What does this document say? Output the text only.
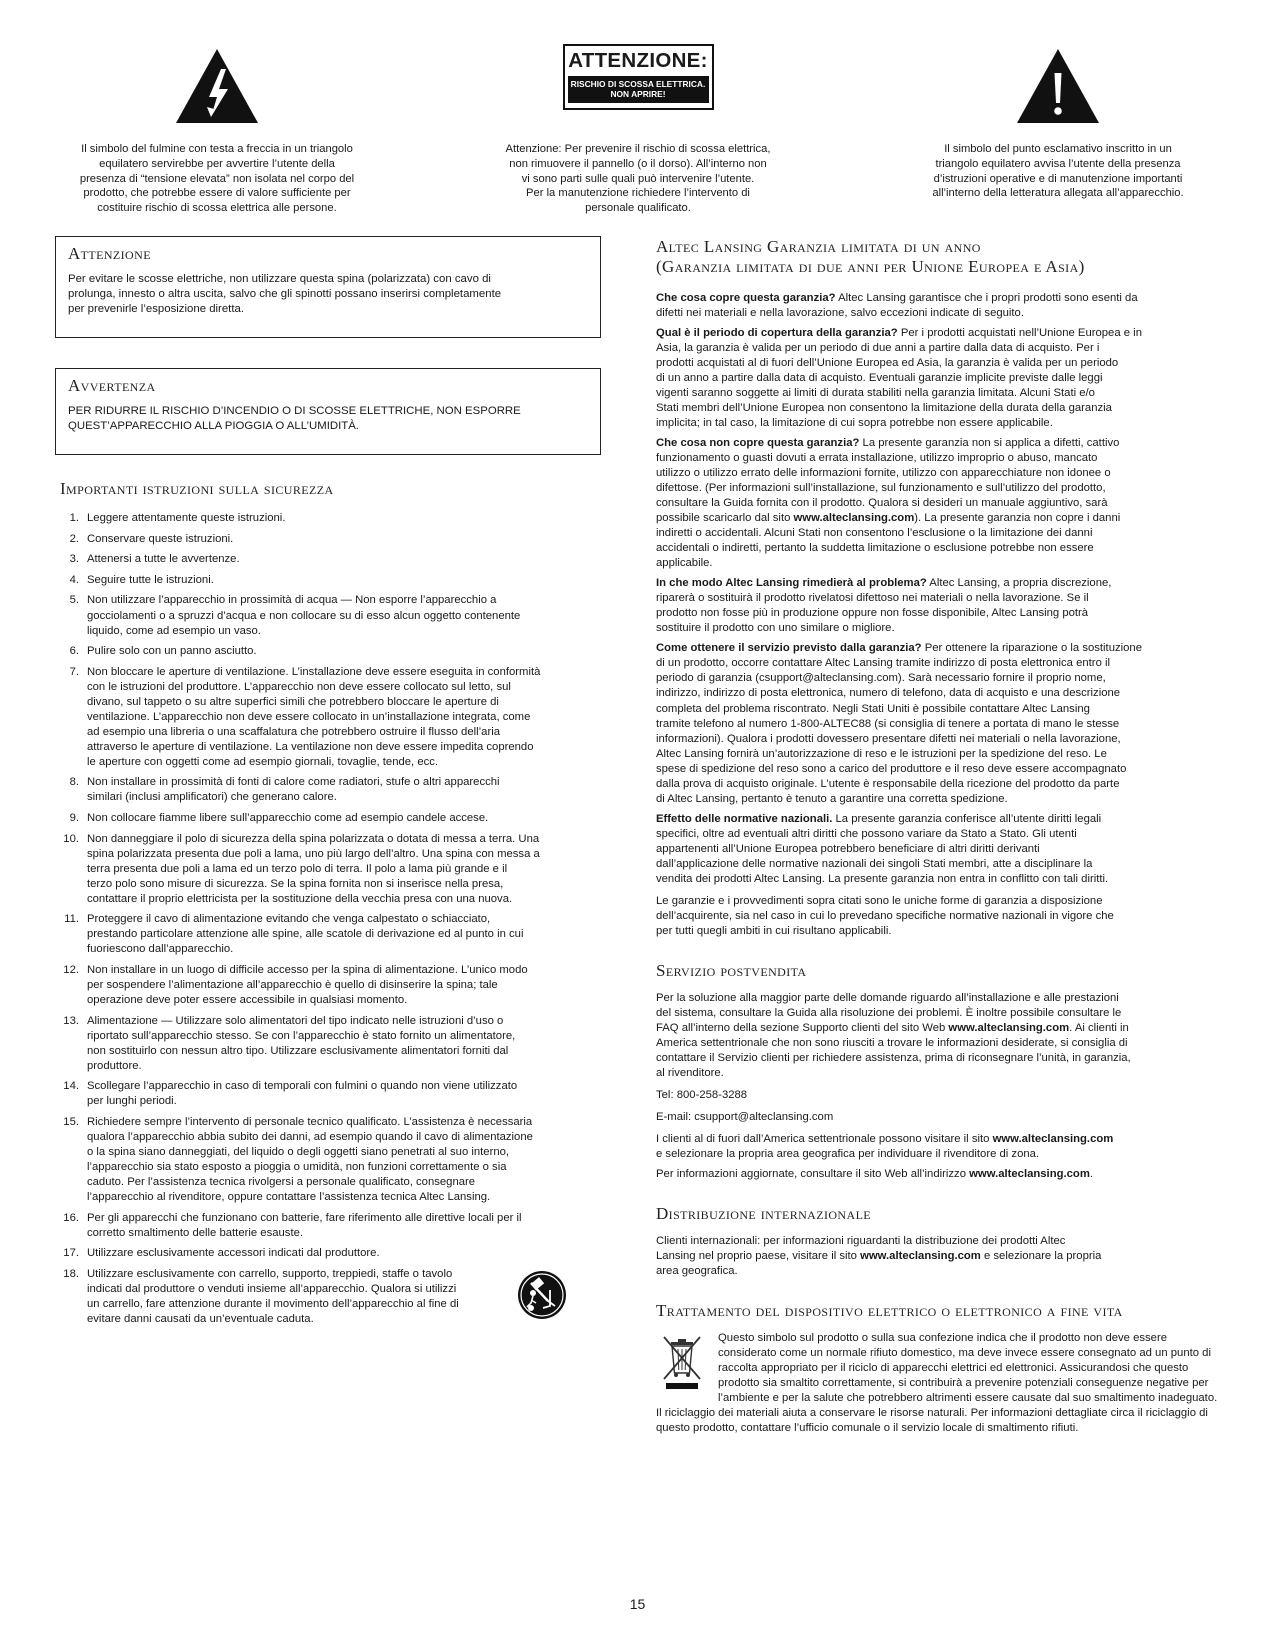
Il simbolo del fulmine con testa a freccia in un triangolo
equilatero servirebbe per avvertire l’utente della
presenza di “tensione elevata” non isolata nel corpo del
prodotto, che potrebbe essere di valore sufficiente per
costituire rischio di scossa elettrica alle persone.
ATTENZIONE:
RISCHIO DI SCOSSA ELETTRICA.
NON APRIRE!
Attenzione: Per prevenire il rischio di scossa elettrica,
non rimuovere il pannello (o il dorso). All’interno non
vi sono parti sulle quali può intervenire l’utente.
Per la manutenzione richiedere l’intervento di
personale qualificato.
Il simbolo del punto esclamativo inscritto in un
triangolo equilatero avvisa l’utente della presenza
d’istruzioni operative e di manutenzione importanti
all’interno della letteratura allegata all’apparecchio.
Attenzione

Per evitare le scosse elettriche, non utilizzare questa spina (polarizzata) con cavo di
prolunga, innesto o altra uscita, salvo che gli spinotti possano inserirsi completamente
per prevenirle l’esposizione diretta.

Avvertenza

PER RIDURRE IL RISCHIO D’INCENDIO O DI SCOSSE ELETTRICHE, NON ESPORRE
QUEST’APPARECCHIO ALLA PIOGGIA O ALL’UMIDITÀ.

Importanti istruzioni sulla sicurezza
1. Leggere attentamente queste istruzioni.
2. Conservare queste istruzioni.
3. Attenersi a tutte le avvertenze.
4. Seguire tutte le istruzioni.
5. Non utilizzare l’apparecchio in prossimità di acqua — Non esporre l’apparecchio a
gocciolamenti o a spruzzi d’acqua e non collocare su di esso alcun oggetto contenente
liquido, come ad esempio un vaso.
6. Pulire solo con un panno asciutto.
7. Non bloccare le aperture di ventilazione. L’installazione deve essere eseguita in conformità
con le istruzioni del produttore. L’apparecchio non deve essere collocato sul letto, sul
divano, sul tappeto o su altre superfici simili che potrebbero bloccare le aperture di
ventilazione. L’apparecchio non deve essere collocato in un’installazione integrata, come
ad esempio una libreria o una scaffalatura che potrebbero ostruire il flusso dell’aria
attraverso le aperture di ventilazione. La ventilazione non deve essere impedita coprendo
le aperture con oggetti come ad esempio giornali, tovaglie, tende, ecc.
8. Non installare in prossimità di fonti di calore come radiatori, stufe o altri apparecchi
similari (inclusi amplificatori) che generano calore.
9. Non collocare fiamme libere sull’apparecchio come ad esempio candele accese.
10. Non danneggiare il polo di sicurezza della spina polarizzata o dotata di messa a terra. Una
spina polarizzata presenta due poli a lama, uno più largo dell’altro. Una spina con messa a
terra presenta due poli a lama ed un terzo polo di terra. Il polo a lama più grande e il
terzo polo sono misure di sicurezza. Se la spina fornita non si inserisce nella presa,
contattare il proprio elettricista per la sostituzione della vecchia presa con una nuova.
11. Proteggere il cavo di alimentazione evitando che venga calpestato o schiacciato,
prestando particolare attenzione alle spine, alle scatole di derivazione ed al punto in cui
fuoriescono dall’apparecchio.
12. Non installare in un luogo di difficile accesso per la spina di alimentazione. L’unico modo
per sospendere l’alimentazione all’apparecchio è quello di disinserire la spina; tale
operazione deve poter essere accessibile in qualsiasi momento.
13. Alimentazione — Utilizzare solo alimentatori del tipo indicato nelle istruzioni d’uso o
riportato sull’apparecchio stesso. Se con l’apparecchio è stato fornito un alimentatore,
non sostituirlo con nessun altro tipo. Utilizzare esclusivamente alimentatori forniti dal
produttore.
14. Scollegare l’apparecchio in caso di temporali con fulmini o quando non viene utilizzato
per lunghi periodi.
15. Richiedere sempre l’intervento di personale tecnico qualificato. L’assistenza è necessaria
qualora l’apparecchio abbia subito dei danni, ad esempio quando il cavo di alimentazione
o la spina siano danneggiati, del liquido o degli oggetti siano penetrati al suo interno,
l’apparecchio sia stato esposto a pioggia o umidità, non funzioni correttamente o sia
caduto. Per l’assistenza tecnica rivolgersi a personale qualificato, consegnare
l’apparecchio al rivenditore, oppure contattare l’assistenza tecnica Altec Lansing.
16. Per gli apparecchi che funzionano con batterie, fare riferimento alle direttive locali per il
corretto smaltimento delle batterie esauste.
17. Utilizzare esclusivamente accessori indicati dal produttore.
18. Utilizzare esclusivamente con carrello, supporto, treppiedi, staffe o tavolo
indicati dal produttore o venduti insieme all’apparecchio. Qualora si utilizzi
un carrello, fare attenzione durante il movimento dell’apparecchio al fine di
evitare danni causati da un’eventuale caduta.
Altec Lansing Garanzia limitata di un anno
(Garanzia limitata di due anni per Unione Europea e Asia)

Che cosa copre questa garanzia? Altec Lansing garantisce che i propri prodotti sono esenti da
difetti nei materiali e nella lavorazione, salvo eccezioni indicate di seguito.

Qual è il periodo di copertura della garanzia? Per i prodotti acquistati nell’Unione Europea e in
Asia, la garanzia è valida per un periodo di due anni a partire dalla data di acquisto. Per i
prodotti acquistati al di fuori dell’Unione Europea ed Asia, la garanzia è valida per un periodo
di un anno a partire dalla data di acquisto. Eventuali garanzie implicite previste dalle leggi
vigenti saranno soggette ai limiti di durata stabiliti nella garanzia limitata. Alcuni Stati e/o
Stati membri dell’Unione Europea non consentono la limitazione della durata della garanzia
implicita; in tal caso, la limitazione di cui sopra potrebbe non essere applicabile.

Che cosa non copre questa garanzia? La presente garanzia non si applica a difetti, cattivo
funzionamento o guasti dovuti a errata installazione, utilizzo improprio o abuso, mancato
utilizzo o utilizzo errato delle informazioni fornite, utilizzo con apparecchiature non idonee o
difettose. (Per informazioni sull’installazione, sul funzionamento e sull’utilizzo del prodotto,
consultare la Guida fornita con il prodotto. Qualora si desideri un manuale aggiuntivo, sarà
possibile scaricarlo dal sito www.alteclansing.com). La presente garanzia non copre i danni
indiretti o accidentali. Alcuni Stati non consentono l’esclusione o la limitazione dei danni
accidentali o indiretti, pertanto la suddetta limitazione o esclusione potrebbe non essere
applicabile.

In che modo Altec Lansing rimedierà al problema? Altec Lansing, a propria discrezione,
riparerà o sostituirà il prodotto rivelatosi difettoso nei materiali o nella lavorazione. Se il
prodotto non fosse più in produzione oppure non fosse disponibile, Altec Lansing potrà
sostituire il prodotto con uno similare o migliore.

Come ottenere il servizio previsto dalla garanzia? Per ottenere la riparazione o la sostituzione
di un prodotto, occorre contattare Altec Lansing tramite indirizzo di posta elettronica entro il
periodo di garanzia (csupport@alteclansing.com). Sarà necessario fornire il proprio nome,
indirizzo, indirizzo di posta elettronica, numero di telefono, data di acquisto e una descrizione
completa del problema riscontrato. Negli Stati Uniti è possibile contattare Altec Lansing
tramite telefono al numero 1-800-ALTEC88 (si consiglia di tenere a portata di mano le stesse
informazioni). Qualora i prodotti dovessero presentare difetti nei materiali o nella lavorazione,
Altec Lansing fornirà un’autorizzazione di reso e le istruzioni per la spedizione del reso. Le
spese di spedizione del reso sono a carico del produttore e il reso deve essere accompagnato
dalla prova di acquisto originale. L’utente è responsabile della ricezione del prodotto da parte
di Altec Lansing, pertanto è tenuto a garantire una corretta spedizione.

Effetto delle normative nazionali. La presente garanzia conferisce all’utente diritti legali
specifici, oltre ad eventuali altri diritti che possono variare da Stato a Stato. Gli utenti
appartenenti all’Unione Europea potrebbero beneficiare di altri diritti derivanti
dall’applicazione delle normative nazionali dei singoli Stati membri, atte a disciplinare la
vendita dei prodotti Altec Lansing. La presente garanzia non entra in conflitto con tali diritti.

Le garanzie e i provvedimenti sopra citati sono le uniche forme di garanzia a disposizione
dell’acquirente, sia nel caso in cui lo prevedano specifiche normative nazionali in vigore che
per tutti quegli ambiti in cui risultano applicabili.

Servizio postvendita

Per la soluzione alla maggior parte delle domande riguardo all’installazione e alle prestazioni
del sistema, consultare la Guida alla risoluzione dei problemi. È inoltre possibile consultare le
FAQ all’interno della sezione Supporto clienti del sito Web www.alteclansing.com. Ai clienti in
America settentrionale che non sono riusciti a trovare le informazioni desiderate, si consiglia di
contattare il Servizio clienti per richiedere assistenza, prima di riconsegnare l’unità, in garanzia,
al rivenditore.

Tel: 800-258-3288

E-mail: csupport@alteclansing.com

I clienti al di fuori dall’America settentrionale possono visitare il sito www.alteclansing.com
e selezionare la propria area geografica per individuare il rivenditore di zona.

Per informazioni aggiornate, consultare il sito Web all’indirizzo www.alteclansing.com.

Distribuzione internazionale

Clienti internazionali: per informazioni riguardanti la distribuzione dei prodotti Altec
Lansing nel proprio paese, visitare il sito www.alteclansing.com e selezionare la propria
area geografica.

Trattamento del dispositivo elettrico o elettronico a fine vita

Questo simbolo sul prodotto o sulla sua confezione indica che il prodotto non deve essere considerato come un normale rifiuto domestico, ma deve invece essere consegnato ad un punto di raccolta appropriato per il riciclo di apparecchi elettrici ed elettronici. Assicurandosi che questo prodotto sia smaltito correttamente, si contribuirà a prevenire potenziali conseguenze negative per l’ambiente e per la salute che potrebbero altrimenti essere causate dal suo smaltimento inadeguato. Il riciclaggio dei materiali aiuta a conservare le risorse naturali. Per informazioni dettagliate circa il riciclaggio di questo prodotto, contattare l’ufficio comunale o il servizio locale di smaltimento rifiuti.

15
